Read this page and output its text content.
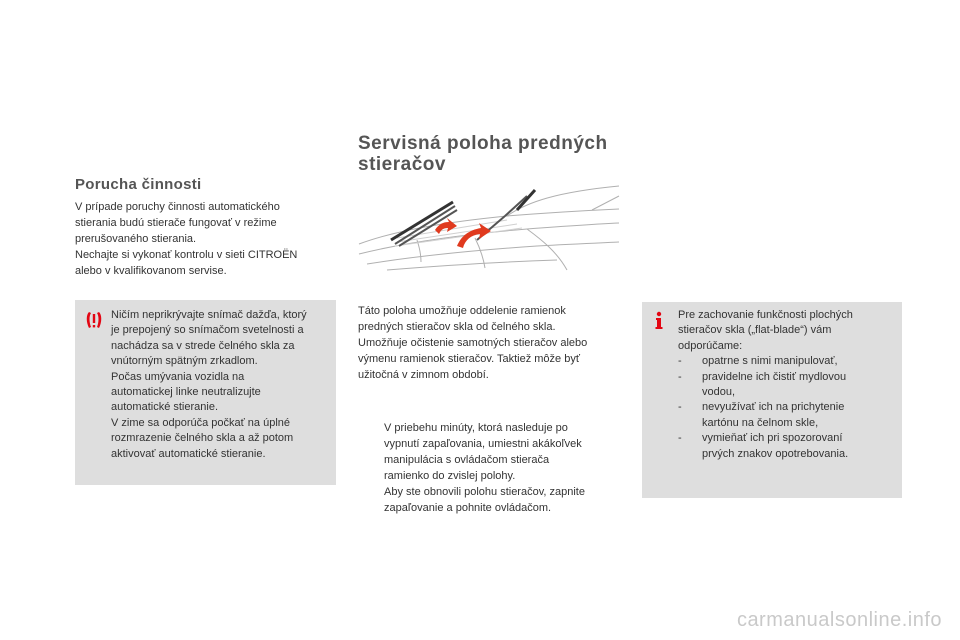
Porucha činnosti

V prípade poruchy činnosti automatického

stierania budú stierače fungovať v režime

prerušovaného stierania.

Nechajte si vykonať kontrolu v sieti CITROËN

alebo v kvalifikovanom servise.

Ničím neprikrývajte snímač dažďa, ktorý

je prepojený so snímačom svetelnosti a

nachádza sa v strede čelného skla za

vnútorným spätným zrkadlom.

Počas umývania vozidla na

automatickej linke neutralizujte

automatické stieranie.

V zime sa odporúča počkať na úplné

rozmrazenie čelného skla a až potom

aktivovať automatické stieranie.

Servisná poloha predných
stieračov

Táto poloha umožňuje oddelenie ramienok

predných stieračov skla od čelného skla.

Umožňuje očistenie samotných stieračov alebo

výmenu ramienok stieračov. Taktiež môže byť

užitočná v zimnom období.

V priebehu minúty, ktorá nasleduje po

vypnutí zapaľovania, umiestni akákoľvek

manipulácia s ovládačom stierača

ramienko do zvislej polohy.

Aby ste obnovili polohu stieračov, zapnite

zapaľovanie a pohnite ovládačom.

Pre zachovanie funkčnosti plochých

stieračov skla („flat-blade“) vám

odporúčame:

- opatrne s nimi manipulovať,

- pravidelne ich čistiť mydlovou

vodou,

- nevyužívať ich na prichytenie

kartónu na čelnom skle,

- vymieňať ich pri spozorovaní

prvých znakov opotrebovania.

carmanualsonline.info
